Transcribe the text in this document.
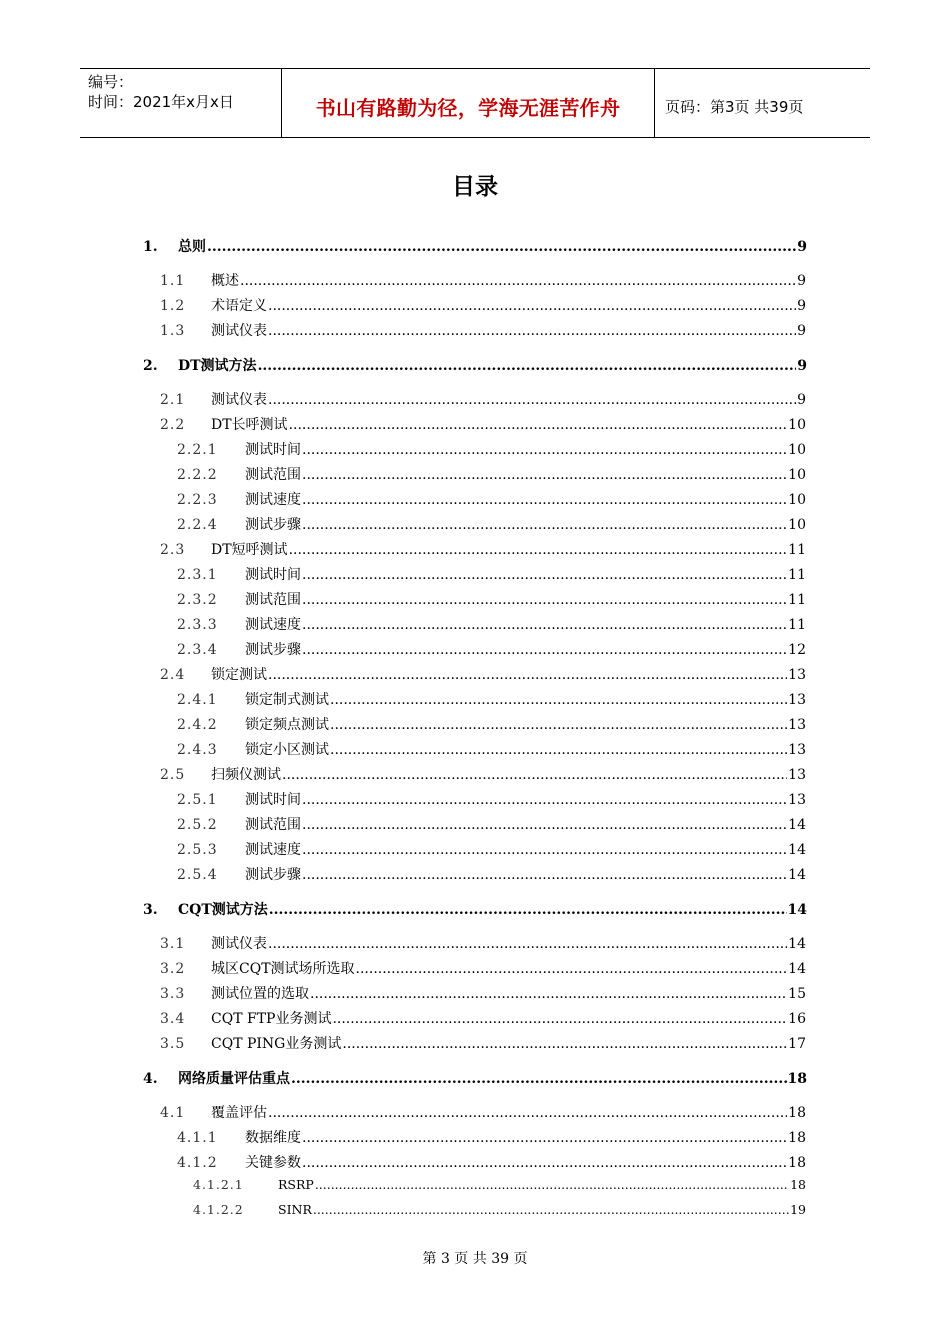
编号：
时间：2021年x月x日	书山有路勤为径，学海无涯苦作舟	页码：第3页 共39页
目录
1.	总则 .....	9
1.1	概述 .....	9
1.2	术语定义 .....	9
1.3	测试仪表 .....	9
2.	DT测试方法 .....	9
2.1	测试仪表 .....	9
2.2	DT长呼测试 .....	10
2.2.1	测试时间 .....	10
2.2.2	测试范围 .....	10
2.2.3	测试速度 .....	10
2.2.4	测试步骤 .....	10
2.3	DT短呼测试 .....	11
2.3.1	测试时间 .....	11
2.3.2	测试范围 .....	11
2.3.3	测试速度 .....	11
2.3.4	测试步骤 .....	12
2.4	锁定测试 .....	13
2.4.1	锁定制式测试 .....	13
2.4.2	锁定频点测试 .....	13
2.4.3	锁定小区测试 .....	13
2.5	扫频仪测试 .....	13
2.5.1	测试时间 .....	13
2.5.2	测试范围 .....	14
2.5.3	测试速度 .....	14
2.5.4	测试步骤 .....	14
3.	CQT测试方法 .....	14
3.1	测试仪表 .....	14
3.2	城区CQT测试场所选取 .....	14
3.3	测试位置的选取 .....	15
3.4	CQT FTP业务测试 .....	16
3.5	CQT PING业务测试 .....	17
4.	网络质量评估重点 .....	18
4.1	覆盖评估 .....	18
4.1.1	数据维度 .....	18
4.1.2	关键参数 .....	18
4.1.2.1	RSRP .....	18
4.1.2.2	SINR .....	19
第 3 页 共 39 页
